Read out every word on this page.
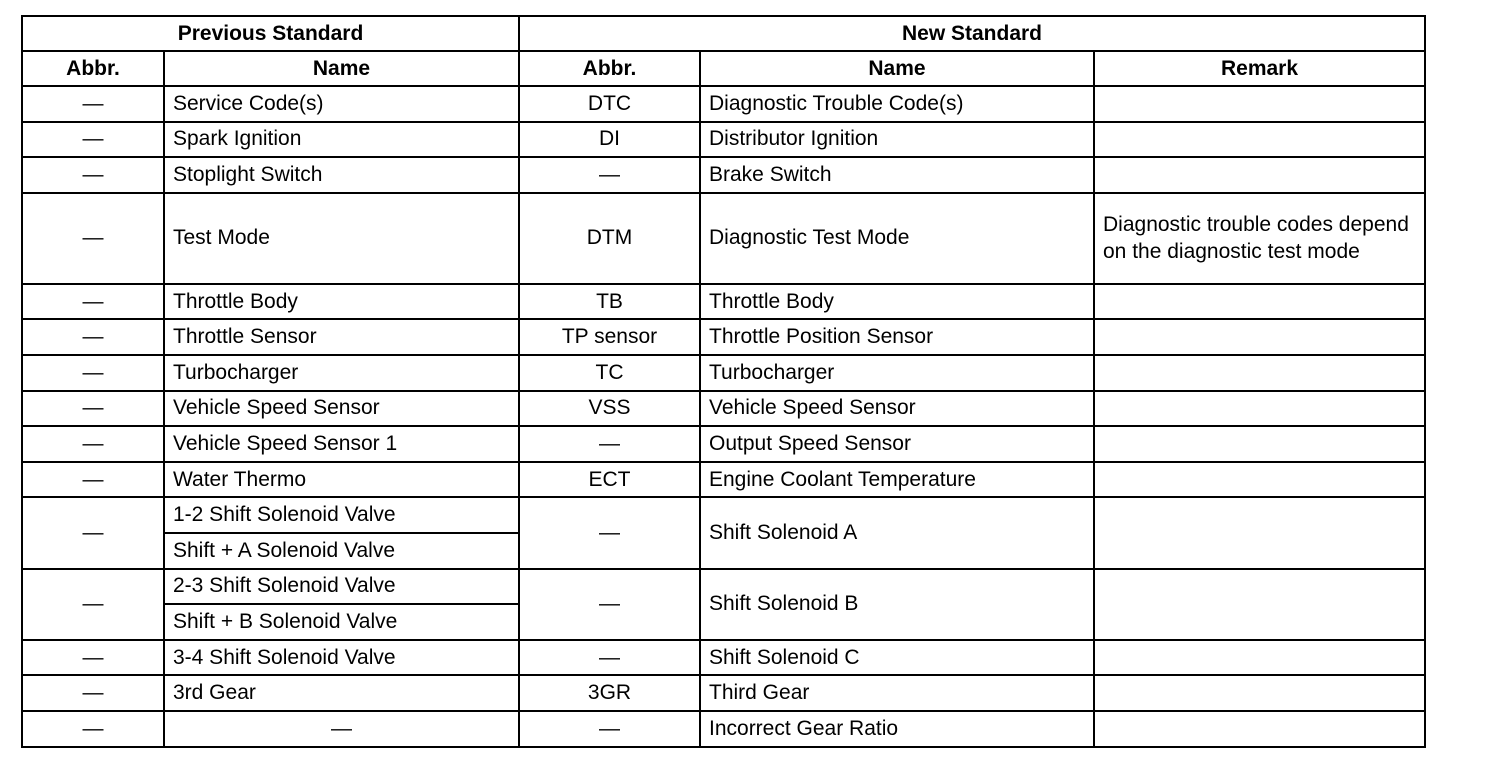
Previous Standard		New Standard		
Abbr.	Name	Abbr.	Name	Remark
—	Service Code(s)	DTC	Diagnostic Trouble Code(s)	
—	Spark Ignition	DI	Distributor Ignition	
—	Stoplight Switch	—	Brake Switch	
—	Test Mode	DTM	Diagnostic Test Mode	Diagnostic trouble codes depend on the diagnostic test mode
—	Throttle Body	TB	Throttle Body	
—	Throttle Sensor	TP sensor	Throttle Position Sensor	
—	Turbocharger	TC	Turbocharger	
—	Vehicle Speed Sensor	VSS	Vehicle Speed Sensor	
—	Vehicle Speed Sensor 1	—	Output Speed Sensor	
—	Water Thermo	ECT	Engine Coolant Temperature	
—	1-2 Shift Solenoid Valve	—	Shift Solenoid A	
	Shift + A Solenoid Valve			
—	2-3 Shift Solenoid Valve	—	Shift Solenoid B	
	Shift + B Solenoid Valve			
—	3-4 Shift Solenoid Valve	—	Shift Solenoid C	
—	3rd Gear	3GR	Third Gear	
—	—	—	Incorrect Gear Ratio	
